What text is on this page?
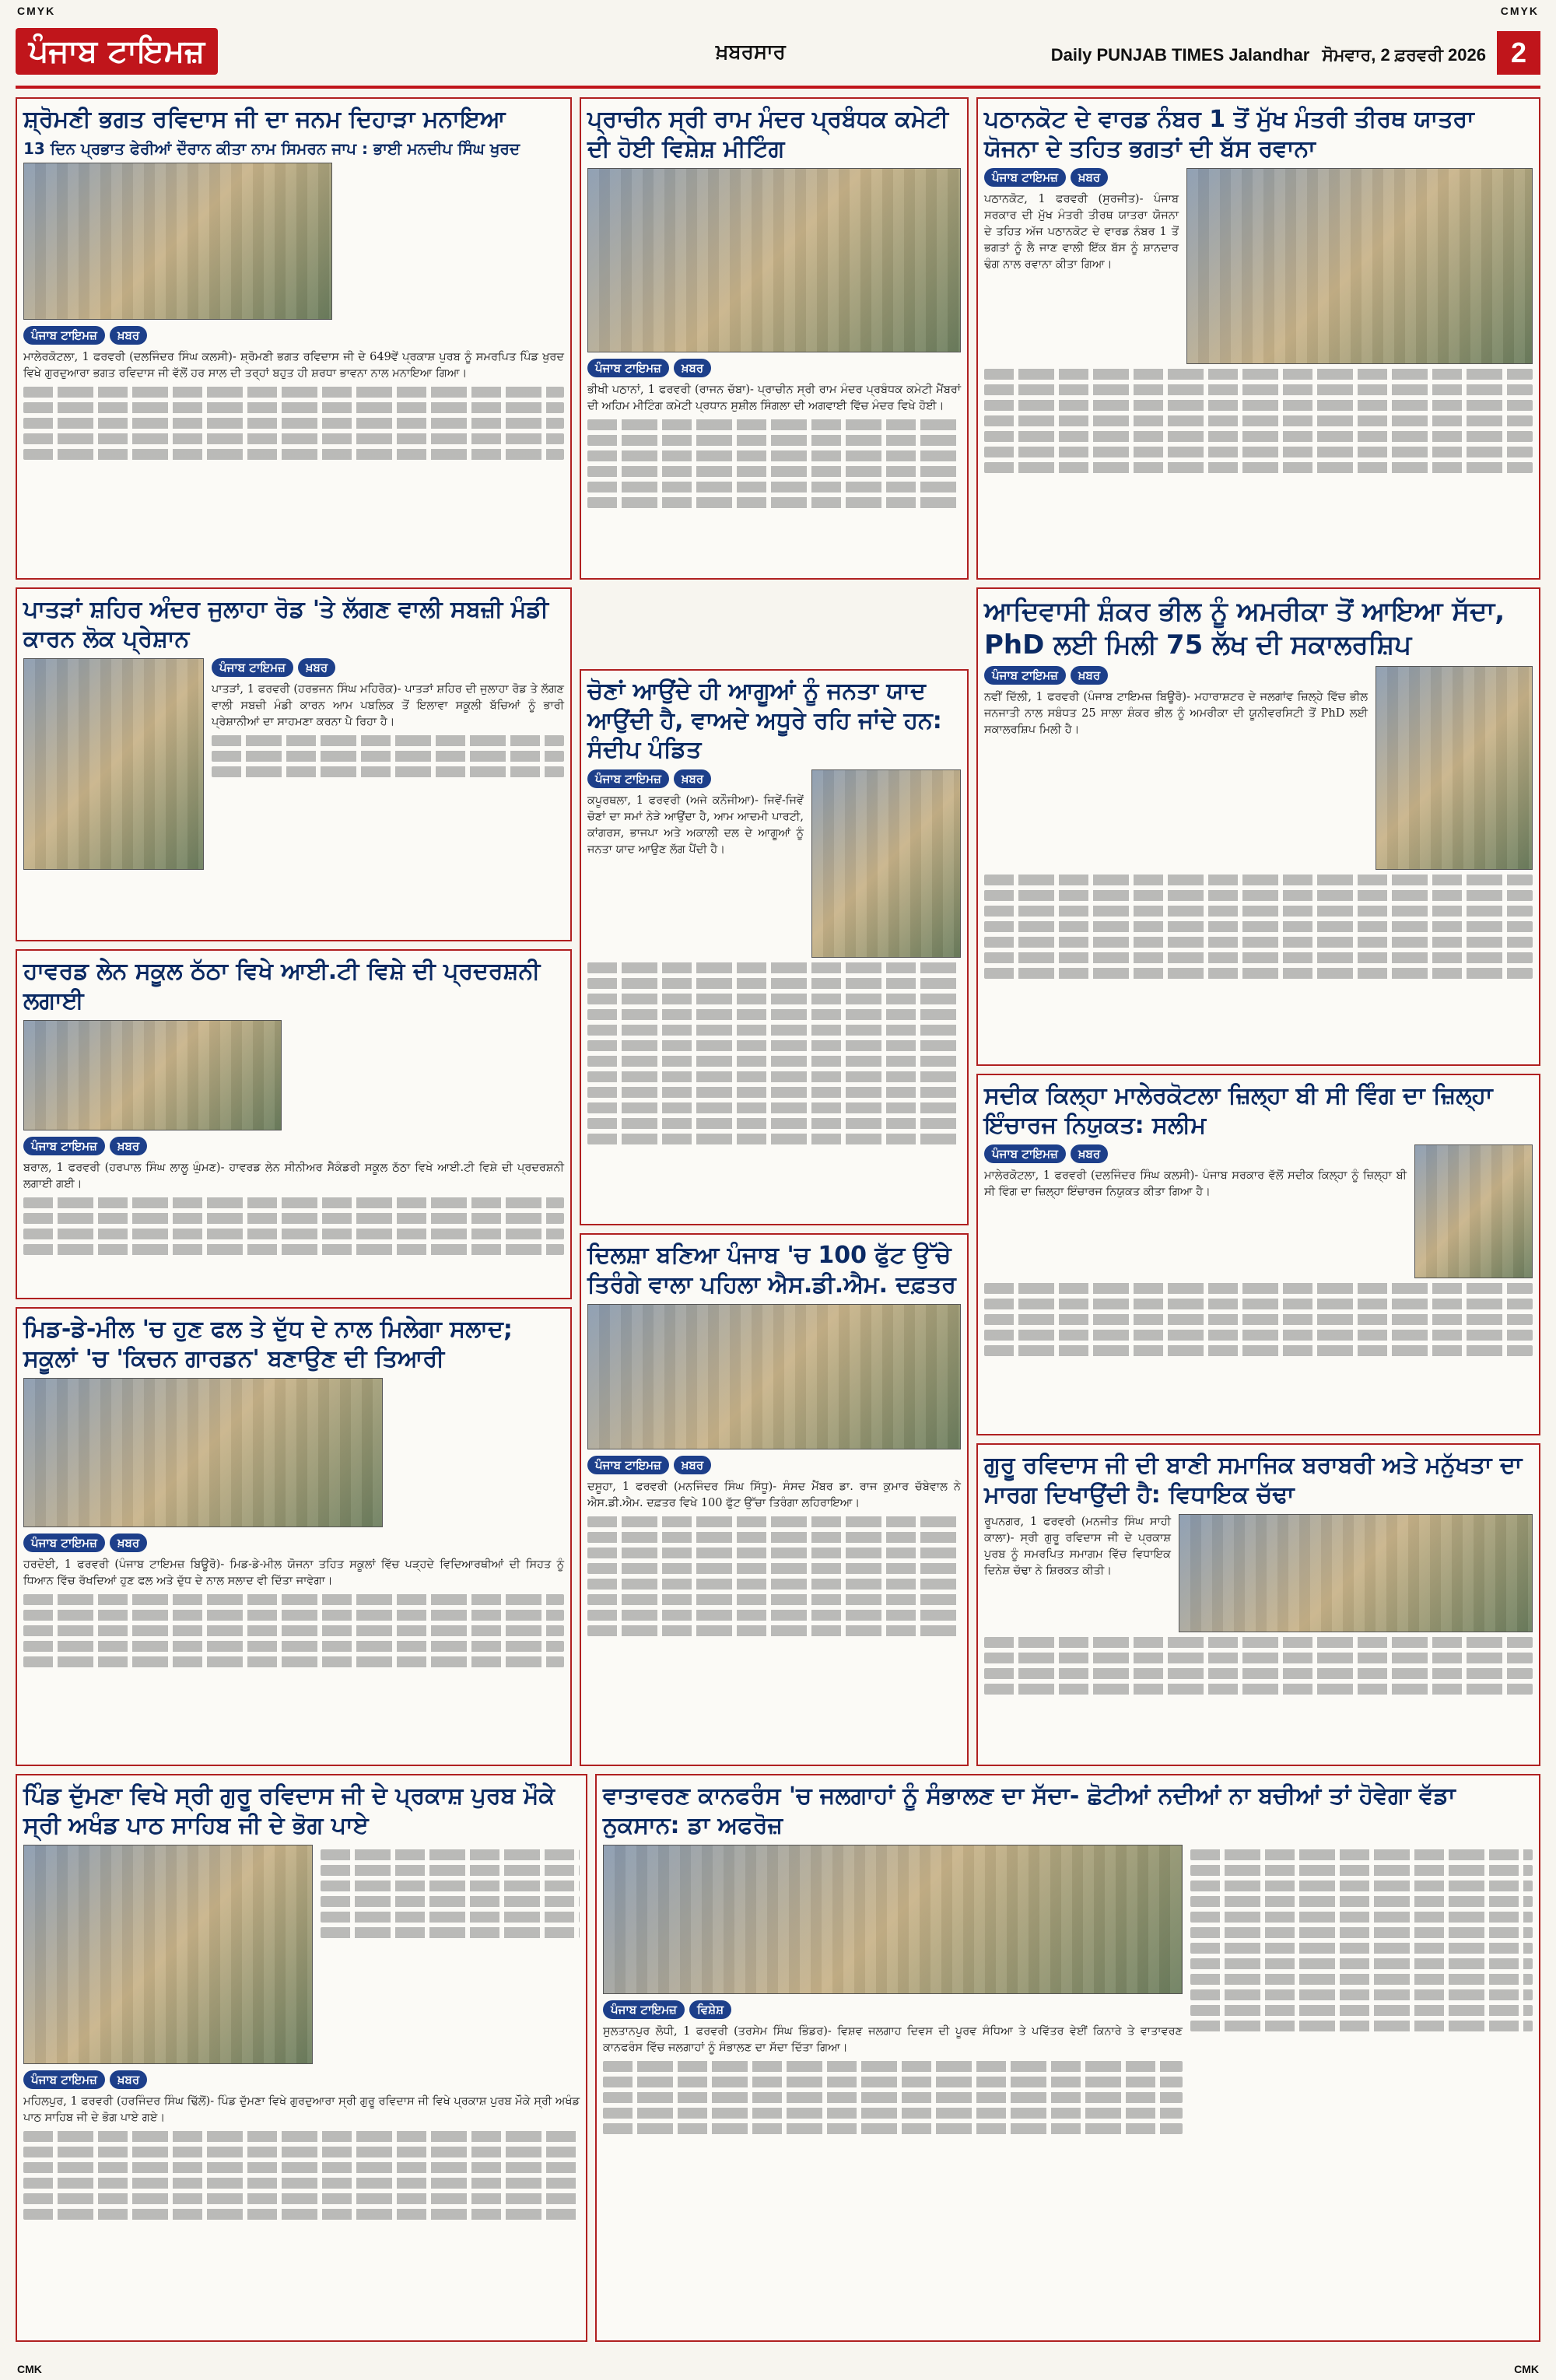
CMYK	CMYK
ਪੰਜਾਬ ਟਾਇਮਜ਼	ਖ਼ਬਰਸਾਰ	Daily PUNJAB TIMES Jalandhar ਸੋਮਵਾਰ, 2 ਫ਼ਰਵਰੀ 2026 2
ਸ਼੍ਰੋਮਣੀ ਭਗਤ ਰਵਿਦਾਸ ਜੀ ਦਾ ਜਨਮ ਦਿਹਾੜਾ ਮਨਾਇਆ
13 ਦਿਨ ਪ੍ਰਭਾਤ ਫੇਰੀਆਂ ਦੌਰਾਨ ਕੀਤਾ ਨਾਮ ਸਿਮਰਨ ਜਾਪ : ਭਾਈ ਮਨਦੀਪ ਸਿੰਘ ਖੁਰਦ
ਪੰਜਾਬ ਟਾਇਮਜ਼ ਖ਼ਬਰ

ਮਾਲੇਰਕੋਟਲਾ, 1 ਫਰਵਰੀ (ਦਲਜਿੰਦਰ ਸਿੰਘ ਕਲਸੀ)- ਸ਼੍ਰੋਮਣੀ ਭਗਤ ਰਵਿਦਾਸ ਜੀ ਦੇ 649ਵੇਂ ਪ੍ਰਕਾਸ਼ ਪੁਰਬ ਨੂੰ ਸਮਰਪਿਤ ਪਿੰਡ ਖੁਰਦ ਵਿਖੇ ਗੁਰਦੁਆਰਾ ਭਗਤ ਰਵਿਦਾਸ ਜੀ ਵੱਲੋਂ ਹਰ ਸਾਲ ਦੀ ਤਰ੍ਹਾਂ ਬਹੁਤ ਹੀ ਸ਼ਰਧਾ ਭਾਵਨਾ ਨਾਲ ਮਨਾਇਆ ਗਿਆ।

ਪ੍ਰਾਚੀਨ ਸ੍ਰੀ ਰਾਮ ਮੰਦਰ ਪ੍ਰਬੰਧਕ ਕਮੇਟੀ ਦੀ ਹੋਈ ਵਿਸ਼ੇਸ਼ ਮੀਟਿੰਗ
ਪੰਜਾਬ ਟਾਇਮਜ਼ ਖ਼ਬਰ

ਭੀਖੀ ਪਠਾਨਾਂ, 1 ਫਰਵਰੀ (ਰਾਜਨ ਚੱਬਾ)- ਪ੍ਰਾਚੀਨ ਸ੍ਰੀ ਰਾਮ ਮੰਦਰ ਪ੍ਰਬੰਧਕ ਕਮੇਟੀ ਮੈਂਬਰਾਂ ਦੀ ਅਹਿਮ ਮੀਟਿੰਗ ਕਮੇਟੀ ਪ੍ਰਧਾਨ ਸੁਸ਼ੀਲ ਸਿੰਗਲਾ ਦੀ ਅਗਵਾਈ ਵਿੱਚ ਮੰਦਰ ਵਿਖੇ ਹੋਈ।

ਪਠਾਨਕੋਟ ਦੇ ਵਾਰਡ ਨੰਬਰ 1 ਤੋਂ ਮੁੱਖ ਮੰਤਰੀ ਤੀਰਥ ਯਾਤਰਾ ਯੋਜਨਾ ਦੇ ਤਹਿਤ ਭਗਤਾਂ ਦੀ ਬੱਸ ਰਵਾਨਾ
ਪੰਜਾਬ ਟਾਇਮਜ਼ ਖ਼ਬਰ

ਪਠਾਨਕੋਟ, 1 ਫਰਵਰੀ (ਸੁਰਜੀਤ)- ਪੰਜਾਬ ਸਰਕਾਰ ਦੀ ਮੁੱਖ ਮੰਤਰੀ ਤੀਰਥ ਯਾਤਰਾ ਯੋਜਨਾ ਦੇ ਤਹਿਤ ਅੱਜ ਪਠਾਨਕੋਟ ਦੇ ਵਾਰਡ ਨੰਬਰ 1 ਤੋਂ ਭਗਤਾਂ ਨੂੰ ਲੈ ਜਾਣ ਵਾਲੀ ਇੱਕ ਬੱਸ ਨੂੰ ਸ਼ਾਨਦਾਰ ਢੰਗ ਨਾਲ ਰਵਾਨਾ ਕੀਤਾ ਗਿਆ।

ਪਾਤੜਾਂ ਸ਼ਹਿਰ ਅੰਦਰ ਜੁਲਾਹਾ ਰੋਡ 'ਤੇ ਲੱਗਣ ਵਾਲੀ ਸਬਜ਼ੀ ਮੰਡੀ ਕਾਰਨ ਲੋਕ ਪ੍ਰੇਸ਼ਾਨ
ਪੰਜਾਬ ਟਾਇਮਜ਼ ਖ਼ਬਰ

ਪਾਤੜਾਂ, 1 ਫਰਵਰੀ (ਹਰਭਜਨ ਸਿੰਘ ਮਹਿਰੋਕ)- ਪਾਤੜਾਂ ਸ਼ਹਿਰ ਦੀ ਜੁਲਾਹਾ ਰੋਡ ਤੇ ਲੱਗਣ ਵਾਲੀ ਸਬਜ਼ੀ ਮੰਡੀ ਕਾਰਨ ਆਮ ਪਬਲਿਕ ਤੋਂ ਇਲਾਵਾ ਸਕੂਲੀ ਬੱਚਿਆਂ ਨੂੰ ਭਾਰੀ ਪ੍ਰੇਸ਼ਾਨੀਆਂ ਦਾ ਸਾਹਮਣਾ ਕਰਨਾ ਪੈ ਰਿਹਾ ਹੈ।

ਚੋਣਾਂ ਆਉਂਦੇ ਹੀ ਆਗੂਆਂ ਨੂੰ ਜਨਤਾ ਯਾਦ ਆਉਂਦੀ ਹੈ, ਵਾਅਦੇ ਅਧੂਰੇ ਰਹਿ ਜਾਂਦੇ ਹਨ: ਸੰਦੀਪ ਪੰਡਿਤ
ਪੰਜਾਬ ਟਾਇਮਜ਼ ਖ਼ਬਰ

ਕਪੂਰਥਲਾ, 1 ਫਰਵਰੀ (ਅਜੇ ਕਨੌਜੀਆ)- ਜਿਵੇਂ-ਜਿਵੇਂ ਚੋਣਾਂ ਦਾ ਸਮਾਂ ਨੇੜੇ ਆਉਂਦਾ ਹੈ, ਆਮ ਆਦਮੀ ਪਾਰਟੀ, ਕਾਂਗਰਸ, ਭਾਜਪਾ ਅਤੇ ਅਕਾਲੀ ਦਲ ਦੇ ਆਗੂਆਂ ਨੂੰ ਜਨਤਾ ਯਾਦ ਆਉਣ ਲੱਗ ਪੈਂਦੀ ਹੈ।

ਆਦਿਵਾਸੀ ਸ਼ੰਕਰ ਭੀਲ ਨੂੰ ਅਮਰੀਕਾ ਤੋਂ ਆਇਆ ਸੱਦਾ, PhD ਲਈ ਮਿਲੀ 75 ਲੱਖ ਦੀ ਸਕਾਲਰਸ਼ਿਪ
ਪੰਜਾਬ ਟਾਇਮਜ਼ ਖ਼ਬਰ

ਨਵੀਂ ਦਿੱਲੀ, 1 ਫਰਵਰੀ (ਪੰਜਾਬ ਟਾਇਮਜ਼ ਬਿਊਰੋ)- ਮਹਾਰਾਸ਼ਟਰ ਦੇ ਜਲਗਾਂਵ ਜ਼ਿਲ੍ਹੇ ਵਿੱਚ ਭੀਲ ਜਨਜਾਤੀ ਨਾਲ ਸਬੰਧਤ 25 ਸਾਲਾ ਸ਼ੰਕਰ ਭੀਲ ਨੂੰ ਅਮਰੀਕਾ ਦੀ ਯੂਨੀਵਰਸਿਟੀ ਤੋਂ PhD ਲਈ ਸਕਾਲਰਸ਼ਿਪ ਮਿਲੀ ਹੈ।

ਹਾਵਰਡ ਲੇਨ ਸਕੂਲ ਠੱਠਾ ਵਿਖੇ ਆਈ.ਟੀ ਵਿਸ਼ੇ ਦੀ ਪ੍ਰਦਰਸ਼ਨੀ ਲਗਾਈ
ਪੰਜਾਬ ਟਾਇਮਜ਼ ਖ਼ਬਰ

ਬਰਾਲ, 1 ਫਰਵਰੀ (ਹਰਪਾਲ ਸਿੰਘ ਲਾਲੂ ਘੁੰਮਣ)- ਹਾਵਰਡ ਲੇਨ ਸੀਨੀਅਰ ਸੈਕੰਡਰੀ ਸਕੂਲ ਠੱਠਾ ਵਿਖੇ ਆਈ.ਟੀ ਵਿਸ਼ੇ ਦੀ ਪ੍ਰਦਰਸ਼ਨੀ ਲਗਾਈ ਗਈ।

ਸਦੀਕ ਕਿਲ੍ਹਾ ਮਾਲੇਰਕੋਟਲਾ ਜ਼ਿਲ੍ਹਾ ਬੀ ਸੀ ਵਿੰਗ ਦਾ ਜ਼ਿਲ੍ਹਾ ਇੰਚਾਰਜ ਨਿਯੁਕਤ: ਸਲੀਮ
ਪੰਜਾਬ ਟਾਇਮਜ਼ ਖ਼ਬਰ

ਮਾਲੇਰਕੋਟਲਾ, 1 ਫਰਵਰੀ (ਦਲਜਿੰਦਰ ਸਿੰਘ ਕਲਸੀ)- ਪੰਜਾਬ ਸਰਕਾਰ ਵੱਲੋਂ ਸਦੀਕ ਕਿਲ੍ਹਾ ਨੂੰ ਜ਼ਿਲ੍ਹਾ ਬੀ ਸੀ ਵਿੰਗ ਦਾ ਜ਼ਿਲ੍ਹਾ ਇੰਚਾਰਜ ਨਿਯੁਕਤ ਕੀਤਾ ਗਿਆ ਹੈ।

ਮਿਡ-ਡੇ-ਮੀਲ 'ਚ ਹੁਣ ਫਲ ਤੇ ਦੁੱਧ ਦੇ ਨਾਲ ਮਿਲੇਗਾ ਸਲਾਦ; ਸਕੂਲਾਂ 'ਚ 'ਕਿਚਨ ਗਾਰਡਨ' ਬਣਾਉਣ ਦੀ ਤਿਆਰੀ
ਪੰਜਾਬ ਟਾਇਮਜ਼ ਖ਼ਬਰ

ਹਰਦੋਈ, 1 ਫਰਵਰੀ (ਪੰਜਾਬ ਟਾਇਮਜ਼ ਬਿਊਰੋ)- ਮਿਡ-ਡੇ-ਮੀਲ ਯੋਜਨਾ ਤਹਿਤ ਸਕੂਲਾਂ ਵਿੱਚ ਪੜ੍ਹਦੇ ਵਿਦਿਆਰਥੀਆਂ ਦੀ ਸਿਹਤ ਨੂੰ ਧਿਆਨ ਵਿੱਚ ਰੱਖਦਿਆਂ ਹੁਣ ਫਲ ਅਤੇ ਦੁੱਧ ਦੇ ਨਾਲ ਸਲਾਦ ਵੀ ਦਿੱਤਾ ਜਾਵੇਗਾ।

ਦਿਲਸ਼ਾ ਬਣਿਆ ਪੰਜਾਬ 'ਚ 100 ਫੁੱਟ ਉੱਚੇ ਤਿਰੰਗੇ ਵਾਲਾ ਪਹਿਲਾ ਐਸ.ਡੀ.ਐਮ. ਦਫ਼ਤਰ
ਪੰਜਾਬ ਟਾਇਮਜ਼ ਖ਼ਬਰ

ਦਸੂਹਾ, 1 ਫਰਵਰੀ (ਮਨਜਿੰਦਰ ਸਿੰਘ ਸਿੱਧੂ)- ਸੰਸਦ ਮੈਂਬਰ ਡਾ. ਰਾਜ ਕੁਮਾਰ ਚੱਬੇਵਾਲ ਨੇ ਐਸ.ਡੀ.ਐਮ. ਦਫ਼ਤਰ ਵਿਖੇ 100 ਫੁੱਟ ਉੱਚਾ ਤਿਰੰਗਾ ਲਹਿਰਾਇਆ।

ਗੁਰੂ ਰਵਿਦਾਸ ਜੀ ਦੀ ਬਾਣੀ ਸਮਾਜਿਕ ਬਰਾਬਰੀ ਅਤੇ ਮਨੁੱਖਤਾ ਦਾ ਮਾਰਗ ਦਿਖਾਉਂਦੀ ਹੈ: ਵਿਧਾਇਕ ਚੱਢਾ

ਰੂਪਨਗਰ, 1 ਫਰਵਰੀ (ਮਨਜੀਤ ਸਿੰਘ ਸਾਹੀ ਕਾਲਾ)- ਸ੍ਰੀ ਗੁਰੂ ਰਵਿਦਾਸ ਜੀ ਦੇ ਪ੍ਰਕਾਸ਼ ਪੁਰਬ ਨੂੰ ਸਮਰਪਿਤ ਸਮਾਗਮ ਵਿੱਚ ਵਿਧਾਇਕ ਦਿਨੇਸ਼ ਚੱਢਾ ਨੇ ਸ਼ਿਰਕਤ ਕੀਤੀ।

ਪਿੰਡ ਦੁੱਮਣਾ ਵਿਖੇ ਸ੍ਰੀ ਗੁਰੂ ਰਵਿਦਾਸ ਜੀ ਦੇ ਪ੍ਰਕਾਸ਼ ਪੁਰਬ ਮੌਕੇ ਸ੍ਰੀ ਅਖੰਡ ਪਾਠ ਸਾਹਿਬ ਜੀ ਦੇ ਭੋਗ ਪਾਏ
ਪੰਜਾਬ ਟਾਇਮਜ਼ ਖ਼ਬਰ

ਮਹਿਲਪੁਰ, 1 ਫਰਵਰੀ (ਹਰਜਿੰਦਰ ਸਿੰਘ ਢਿੱਲੋਂ)- ਪਿੰਡ ਦੁੱਮਣਾ ਵਿਖੇ ਗੁਰਦੁਆਰਾ ਸ੍ਰੀ ਗੁਰੂ ਰਵਿਦਾਸ ਜੀ ਵਿਖੇ ਪ੍ਰਕਾਸ਼ ਪੁਰਬ ਮੌਕੇ ਸ੍ਰੀ ਅਖੰਡ ਪਾਠ ਸਾਹਿਬ ਜੀ ਦੇ ਭੋਗ ਪਾਏ ਗਏ।

ਵਾਤਾਵਰਣ ਕਾਨਫਰੰਸ 'ਚ ਜਲਗਾਹਾਂ ਨੂੰ ਸੰਭਾਲਣ ਦਾ ਸੱਦਾ- ਛੋਟੀਆਂ ਨਦੀਆਂ ਨਾ ਬਚੀਆਂ ਤਾਂ ਹੋਵੇਗਾ ਵੱਡਾ ਨੁਕਸਾਨ: ਡਾ ਅਫਰੋਜ਼
ਪੰਜਾਬ ਟਾਇਮਜ਼ ਵਿਸ਼ੇਸ਼

ਸੁਲਤਾਨਪੁਰ ਲੋਧੀ, 1 ਫਰਵਰੀ (ਤਰਸੇਮ ਸਿੰਘ ਭਿੰਡਰ)- ਵਿਸ਼ਵ ਜਲਗਾਹ ਦਿਵਸ ਦੀ ਪੂਰਵ ਸੰਧਿਆ ਤੇ ਪਵਿੱਤਰ ਵੇਈਂ ਕਿਨਾਰੇ ਤੇ ਵਾਤਾਵਰਣ ਕਾਨਫਰੰਸ ਵਿੱਚ ਜਲਗਾਹਾਂ ਨੂੰ ਸੰਭਾਲਣ ਦਾ ਸੱਦਾ ਦਿੱਤਾ ਗਿਆ।

CMK	CMK
